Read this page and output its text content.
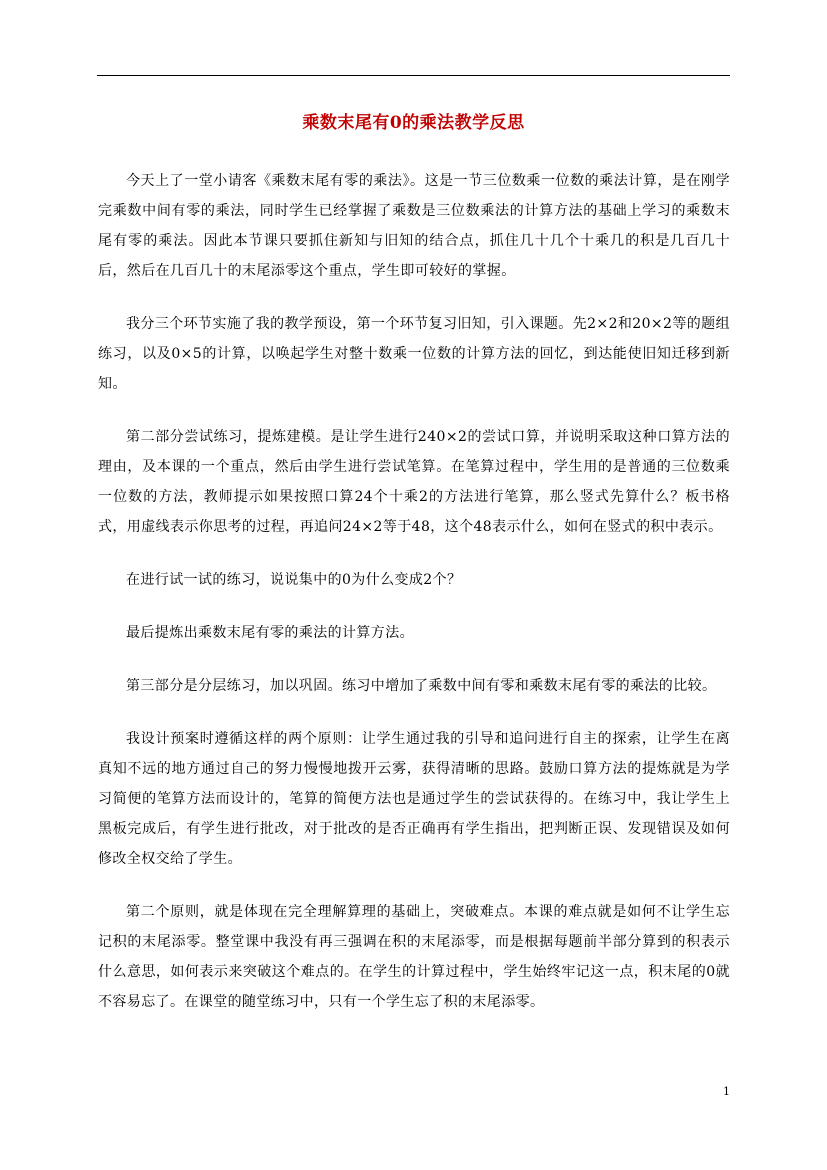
乘数末尾有0的乘法教学反思

今天上了一堂小请客《乘数末尾有零的乘法》。这是一节三位数乘一位数的乘法计算，是在刚学完乘数中间有零的乘法，同时学生已经掌握了乘数是三位数乘法的计算方法的基础上学习的乘数末尾有零的乘法。因此本节课只要抓住新知与旧知的结合点，抓住几十几个十乘几的积是几百几十后，然后在几百几十的末尾添零这个重点，学生即可较好的掌握。

我分三个环节实施了我的教学预设，第一个环节复习旧知，引入课题。先2×2和20×2等的题组练习，以及0×5的计算，以唤起学生对整十数乘一位数的计算方法的回忆，到达能使旧知迁移到新知。

第二部分尝试练习，提炼建模。是让学生进行240×2的尝试口算，并说明采取这种口算方法的理由，及本课的一个重点，然后由学生进行尝试笔算。在笔算过程中，学生用的是普通的三位数乘一位数的方法，教师提示如果按照口算24个十乘2的方法进行笔算，那么竖式先算什么？板书格式，用虚线表示你思考的过程，再追问24×2等于48，这个48表示什么，如何在竖式的积中表示。

在进行试一试的练习，说说集中的0为什么变成2个？

最后提炼出乘数末尾有零的乘法的计算方法。

第三部分是分层练习，加以巩固。练习中增加了乘数中间有零和乘数末尾有零的乘法的比较。

我设计预案时遵循这样的两个原则：让学生通过我的引导和追问进行自主的探索，让学生在离真知不远的地方通过自己的努力慢慢地拨开云雾，获得清晰的思路。鼓励口算方法的提炼就是为学习简便的笔算方法而设计的，笔算的简便方法也是通过学生的尝试获得的。在练习中，我让学生上黑板完成后，有学生进行批改，对于批改的是否正确再有学生指出，把判断正误、发现错误及如何修改全权交给了学生。

第二个原则，就是体现在完全理解算理的基础上，突破难点。本课的难点就是如何不让学生忘记积的末尾添零。整堂课中我没有再三强调在积的末尾添零，而是根据每题前半部分算到的积表示什么意思，如何表示来突破这个难点的。在学生的计算过程中，学生始终牢记这一点，积末尾的0就不容易忘了。在课堂的随堂练习中，只有一个学生忘了积的末尾添零。

1
